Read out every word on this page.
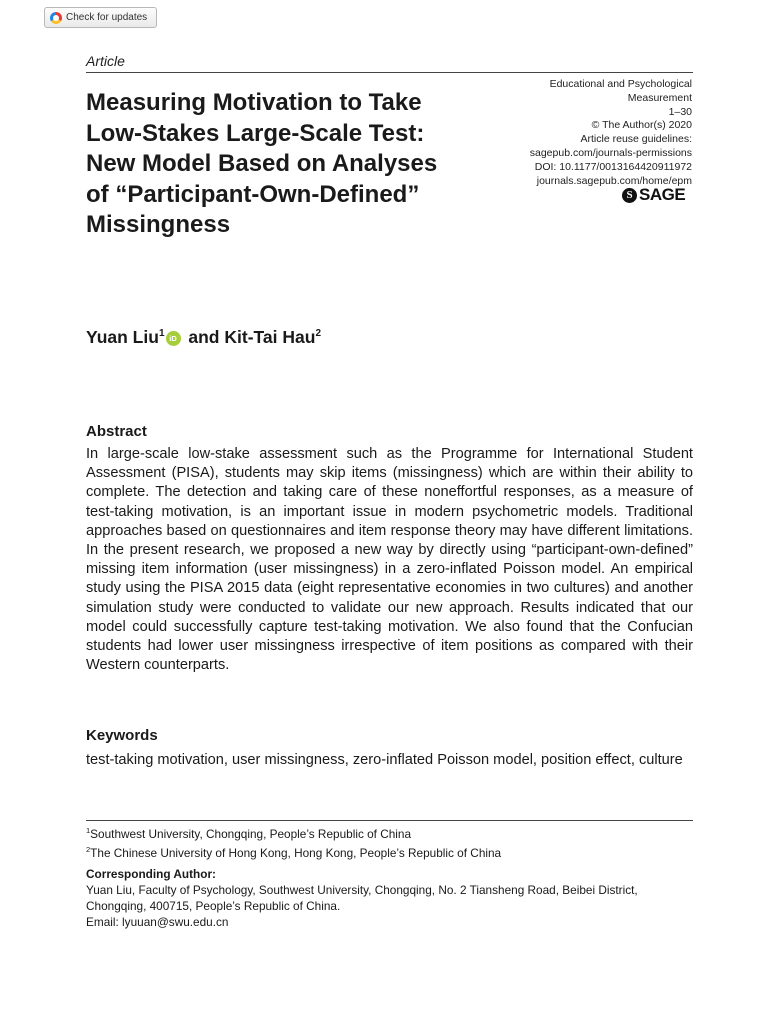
Check for updates
Article
Measuring Motivation to Take Low-Stakes Large-Scale Test: New Model Based on Analyses of “Participant-Own-Defined” Missingness
Educational and Psychological
Measurement
1–30
© The Author(s) 2020
Article reuse guidelines:
sagepub.com/journals-permissions
DOI: 10.1177/0013164420911972
journals.sagepub.com/home/epm
S SAGE
Yuan Liu$^1$ iD and Kit-Tai Hau$^2$
Abstract

In large-scale low-stake assessment such as the Programme for International Student Assessment (PISA), students may skip items (missingness) which are within their ability to complete. The detection and taking care of these noneffortful responses, as a measure of test-taking motivation, is an important issue in modern psychometric models. Traditional approaches based on questionnaires and item response theory may have different limitations. In the present research, we proposed a new way by directly using “participant-own-defined” missing item information (user missingness) in a zero-inflated Poisson model. An empirical study using the PISA 2015 data (eight representative economies in two cultures) and another simulation study were conducted to validate our new approach. Results indicated that our model could successfully capture test-taking motivation. We also found that the Confucian students had lower user missingness irrespective of item positions as compared with their Western counterparts.

Keywords

test-taking motivation, user missingness, zero-inflated Poisson model, position effect, culture

$^1$Southwest University, Chongqing, People’s Republic of China
$^2$The Chinese University of Hong Kong, Hong Kong, People’s Republic of China
Corresponding Author:
Yuan Liu, Faculty of Psychology, Southwest University, Chongqing, No. 2 Tiansheng Road, Beibei District,
Chongqing, 400715, People’s Republic of China.
Email: lyuuan@swu.edu.cn
